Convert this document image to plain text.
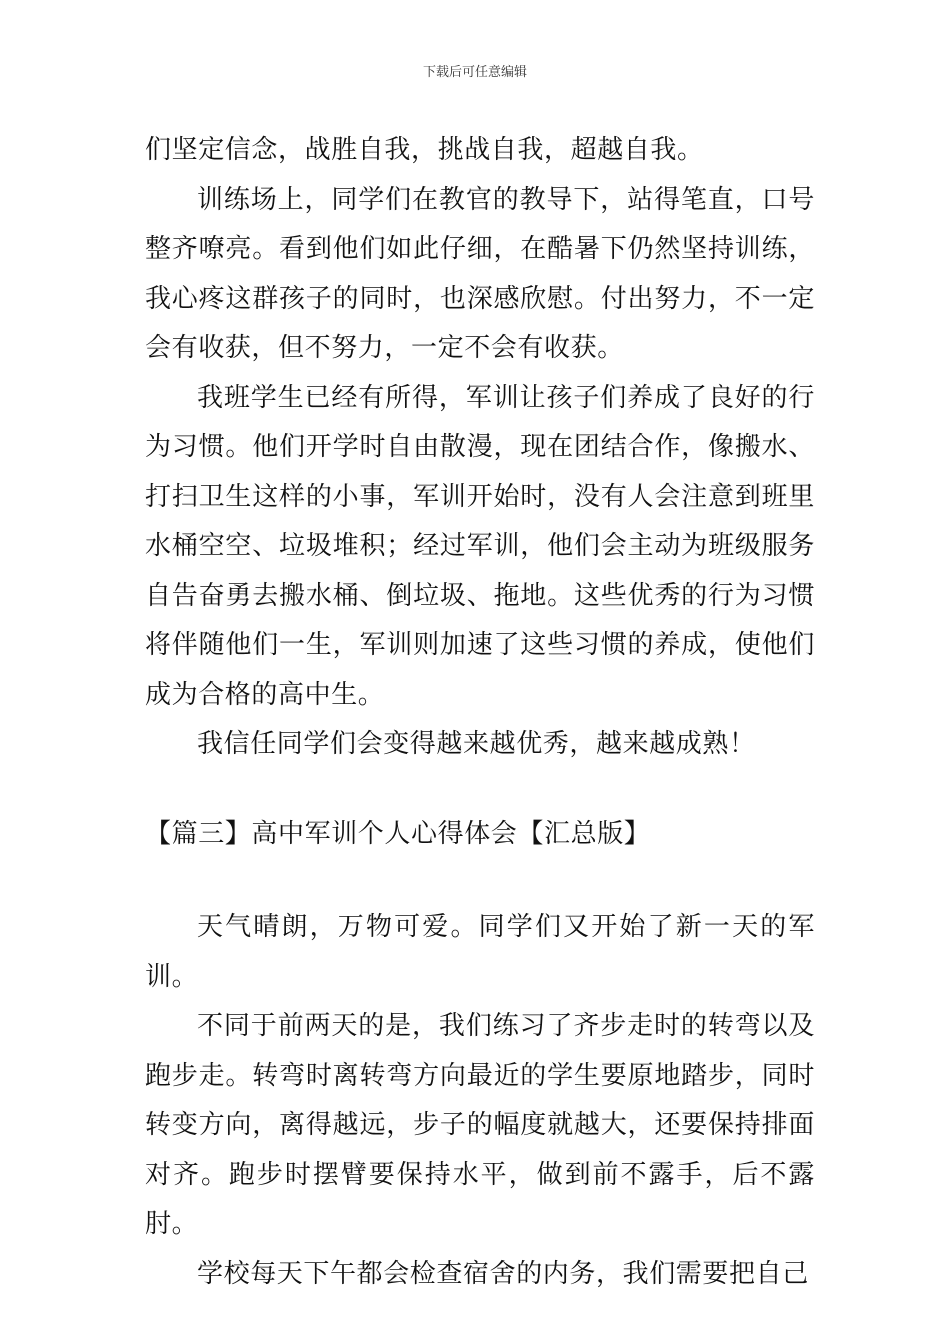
下载后可任意编辑

们坚定信念，战胜自我，挑战自我，超越自我。

训练场上，同学们在教官的教导下，站得笔直，口号整齐嘹亮。看到他们如此仔细，在酷暑下仍然坚持训练，我心疼这群孩子的同时，也深感欣慰。付出努力，不一定会有收获，但不努力，一定不会有收获。

我班学生已经有所得，军训让孩子们养成了良好的行为习惯。他们开学时自由散漫，现在团结合作，像搬水、打扫卫生这样的小事，军训开始时，没有人会注意到班里水桶空空、垃圾堆积；经过军训，他们会主动为班级服务自告奋勇去搬水桶、倒垃圾、拖地。这些优秀的行为习惯将伴随他们一生，军训则加速了这些习惯的养成，使他们成为合格的高中生。

我信任同学们会变得越来越优秀，越来越成熟！

【篇三】高中军训个人心得体会【汇总版】

天气晴朗，万物可爱。同学们又开始了新一天的军训。

不同于前两天的是，我们练习了齐步走时的转弯以及跑步走。转弯时离转弯方向最近的学生要原地踏步，同时转变方向，离得越远，步子的幅度就越大，还要保持排面对齐。跑步时摆臂要保持水平，做到前不露手，后不露肘。

学校每天下午都会检查宿舍的内务，我们需要把自己
